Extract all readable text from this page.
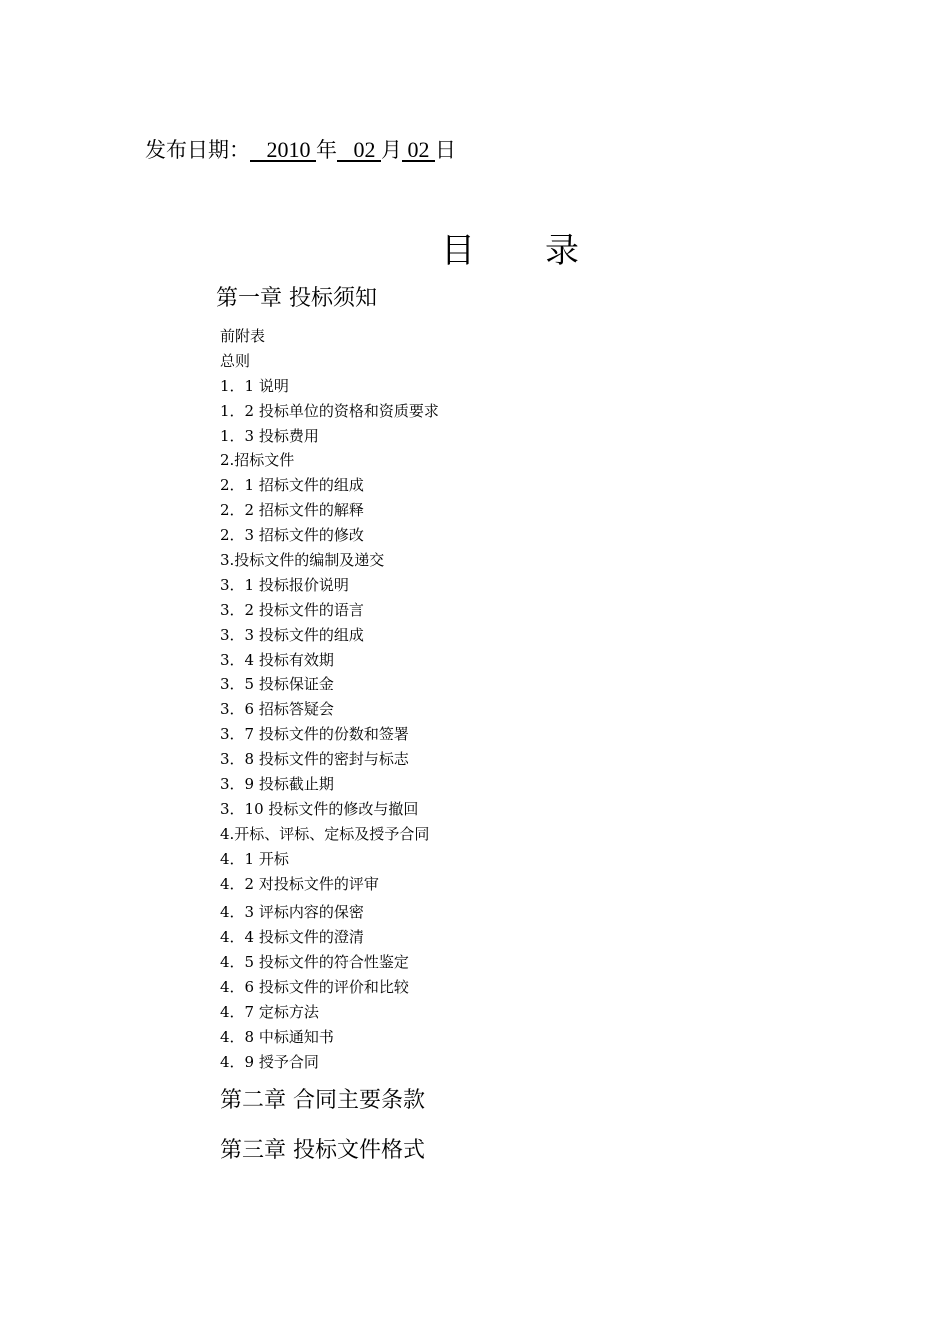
发布日期： 2010 年 02 月 02 日
目 录
第一章 投标须知
前附表
总则
1．1 说明
1．2 投标单位的资格和资质要求
1．3 投标费用
2.招标文件
2．1 招标文件的组成
2．2 招标文件的解释
2．3 招标文件的修改
3.投标文件的编制及递交
3．1 投标报价说明
3．2 投标文件的语言
3．3 投标文件的组成
3．4 投标有效期
3．5 投标保证金
3．6 招标答疑会
3．7 投标文件的份数和签署
3．8 投标文件的密封与标志
3．9 投标截止期
3．10 投标文件的修改与撤回
4.开标、评标、定标及授予合同
4．1 开标
4．2 对投标文件的评审
4．3 评标内容的保密
4．4 投标文件的澄清
4．5 投标文件的符合性鉴定
4．6 投标文件的评价和比较
4．7 定标方法
4．8 中标通知书
4．9 授予合同
第二章 合同主要条款
第三章 投标文件格式
